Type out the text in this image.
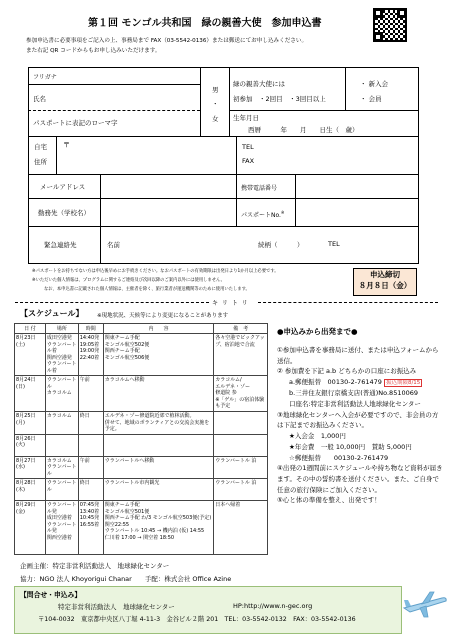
第１回 モンゴル共和国　緑の親善大使　参加申込書
参加申込書に必要事項をご記入の上、事務局まで FAX（03-5542-0136）または郵送にてお申し込みください。
また右記 QR コードからもお申し込みいただけます。
フリガナ
氏名
パスポートに表記のローマ字
男
・
女
緑の親善大使には
初参加　・2回目　・3回目以上
・ 新入会
・ 会員
生年月日
西暦　　　年　　月　　日生（　歳）
自宅
住所
〒	TEL
FAX
メールアドレス	携帯電話番号
勤務先（学校名）	パスポートNo.※
緊急連絡先	名前	続柄（　　　）	TEL
※パスポートをお持ちでない方は申込後早めにお手続きください。なおパスポートの有効期限は出発日より1か月以上必要です。
※いただいた個人情報は、プログラムに関するご連絡及び次回以降のご案内以外には使用しません。
なお、本申込書に記載された個人情報は、主催者を除く、旅行業者が運送機関等のために使用いたします。
申込締切
８月８日（金）
キ リ ト リ
【スケジュール】 ※現地状況、天候等により変更になることがあります
日 付	場所	時間	内　　容	備　考
8月23日
(土)	成田空港発
ウランバートル着
関西空港発
ウランバートル着	14:40発
19:05着
19:00発
22:40着	関東チーム手配
モンゴル航空502便
関西チーム手配
モンゴル航空506便	各々空港でピックアップ、宿泊地で合流
8月24日
(日)	ウランバートル
カラコルム	午前	カラコルムへ移動	カラコルム/
エルデネ・ゾー
修道院 参
※「ゲル」の宿泊体験も予定
8月25日
(月)	カラコルム	終日	エルデネ・ゾー修道院近郊で植林活動。
併せて、地域のボランティアとの交流会実施を予定。	
8月26日
(火)				
8月27日
(水)	カラコルム
ウランバートル	午前	ウランバートルへ移動	ウランバートル 泊
8月28日
(木)	ウランバートル	終日	ウランバートル市内観光	ウランバートル 泊
8月29日
(金)	ウランバートル発
成田空港着
ウランバートル発
関西空港着	07:45発
13:40着
10:45発
16:55着	関東チーム手配
モンゴル航空501便
関西チーム手配 わ/3 モンゴル航空503便(予定) 関空22:55
ウランバートル 10:45 → 機内泊 (仮) 14:55
仁川着 17:00 → 関空着 18:50	日本へ帰着
●申込みから出発まで●
①参加申込書を事務局に送付、または申込フォームから送信。
② 参加費を下記 a.b どちらかの口座にお振込み
a.郵便振替　00130-2-761479 振込期限8/15
b.三井住友銀行京橋支店(普通)No.8510069
口座名:特定非営利活動法人地球緑化センター
③地球緑化センターへ入会が必要ですので、非会員の方は下記までお振込みください。
★入会金　1,000円
★年会費　一般 10,000円　賛助 5,000円
☆郵便振替　　00130-2-761479
④出発の1週間前にスケジュールや持ち物など資料が届きます。その中の誓約書を送付ください。また、ご自身で任意の旅行保険にご加入ください。
⑤心と体の準備を整え、出発です！
企画主催：特定非営利活動法人　地球緑化センター
協力：NGO 法人 Khoyorigui Chanar　　手配：株式会社 Office Azine
【問合せ・申込み】
特定非営利活動法人　地球緑化センター	HP:http://www.n-gec.org
〒104-0032　東京都中央区八丁堀 4-11-3　金谷ビル２階 201　TEL：03-5542-0132　FAX：03-5542-0136
